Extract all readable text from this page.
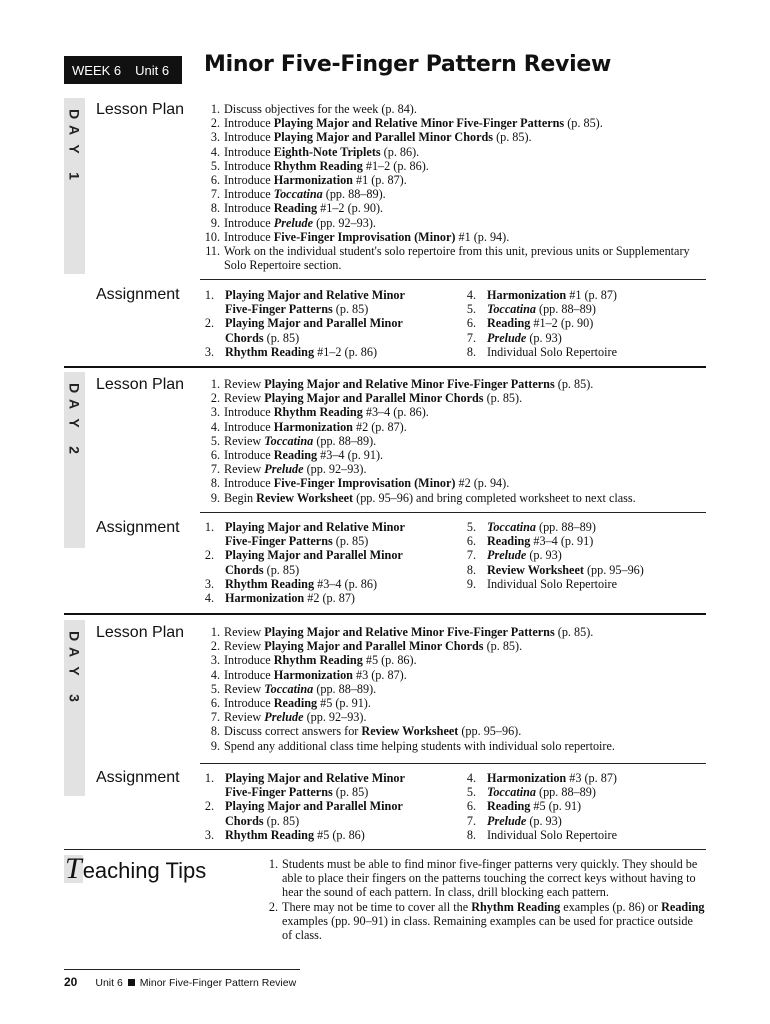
WEEK 6 Unit 6 Minor Five-Finger Pattern Review
D
A
Y
1
D
A
Y
2
D
A
Y
3
Lesson Plan	1. Discuss objectives for the week (p. 84).
2. Introduce Playing Major and Relative Minor Five-Finger Patterns (p. 85).
3. Introduce Playing Major and Parallel Minor Chords (p. 85).
4. Introduce Eighth-Note Triplets (p. 86).
5. Introduce Rhythm Reading #1–2 (p. 86).
6. Introduce Harmonization #1 (p. 87).
7. Introduce Toccatina (pp. 88–89).
8. Introduce Reading #1–2 (p. 90).
9. Introduce Prelude (pp. 92–93).
10. Introduce Five-Finger Improvisation (Minor) #1 (p. 94).
11. Work on the individual student's solo repertoire from this unit, previous units or Supplementary Solo Repertoire section.
Assignment	1. Playing Major and Relative Minor Five-Finger Patterns (p. 85)
2. Playing Major and Parallel Minor Chords (p. 85)
3. Rhythm Reading #1–2 (p. 86)
4. Harmonization #1 (p. 87)
5. Toccatina (pp. 88–89)
6. Reading #1–2 (p. 90)
7. Prelude (p. 93)
8. Individual Solo Repertoire
Lesson Plan	1. Review Playing Major and Relative Minor Five-Finger Patterns (p. 85).
2. Review Playing Major and Parallel Minor Chords (p. 85).
3. Introduce Rhythm Reading #3–4 (p. 86).
4. Introduce Harmonization #2 (p. 87).
5. Review Toccatina (pp. 88–89).
6. Introduce Reading #3–4 (p. 91).
7. Review Prelude (pp. 92–93).
8. Introduce Five-Finger Improvisation (Minor) #2 (p. 94).
9. Begin Review Worksheet (pp. 95–96) and bring completed worksheet to next class.
Assignment	1. Playing Major and Relative Minor Five-Finger Patterns (p. 85)
2. Playing Major and Parallel Minor Chords (p. 85)
3. Rhythm Reading #3–4 (p. 86)
4. Harmonization #2 (p. 87)
5. Toccatina (pp. 88–89)
6. Reading #3–4 (p. 91)
7. Prelude (p. 93)
8. Review Worksheet (pp. 95–96)
9. Individual Solo Repertoire
Lesson Plan	1. Review Playing Major and Relative Minor Five-Finger Patterns (p. 85).
2. Review Playing Major and Parallel Minor Chords (p. 85).
3. Introduce Rhythm Reading #5 (p. 86).
4. Introduce Harmonization #3 (p. 87).
5. Review Toccatina (pp. 88–89).
6. Introduce Reading #5 (p. 91).
7. Review Prelude (pp. 92–93).
8. Discuss correct answers for Review Worksheet (pp. 95–96).
9. Spend any additional class time helping students with individual solo repertoire.
Assignment	1. Playing Major and Relative Minor Five-Finger Patterns (p. 85)
2. Playing Major and Parallel Minor Chords (p. 85)
3. Rhythm Reading #5 (p. 86)
4. Harmonization #3 (p. 87)
5. Toccatina (pp. 88–89)
6. Reading #5 (p. 91)
7. Prelude (p. 93)
8. Individual Solo Repertoire
Teaching Tips	1. Students must be able to find minor five-finger patterns very quickly. They should be able to place their fingers on the patterns touching the correct keys without having to hear the sound of each pattern. In class, drill blocking each pattern.
2. There may not be time to cover all the Rhythm Reading examples (p. 86) or Reading examples (pp. 90–91) in class. Remaining examples can be used for practice outside of class.
20 Unit 6 Minor Five-Finger Pattern Review
